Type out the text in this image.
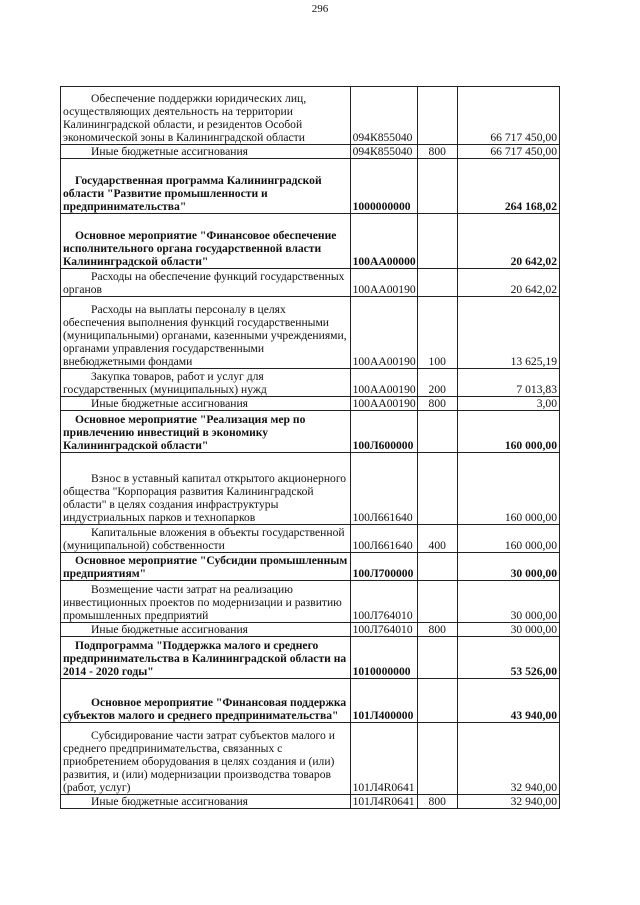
296
Обеспечение поддержки юридических лиц, осуществляющих деятельность на территории Калининградской области, и резидентов Особой экономической зоны в Калининградской области	094К855040		66 717 450,00

Иные бюджетные ассигнования	094К855040	800	66 717 450,00

Государственная программа Калининградской области "Развитие промышленности и предпринимательства"	1000000000		264 168,02

Основное мероприятие "Финансовое обеспечение исполнительного органа государственной власти Калининградской области"	100АА00000		20 642,02

Расходы на обеспечение функций государственных органов	100АА00190		20 642,02

Расходы на выплаты персоналу в целях обеспечения выполнения функций государственными (муниципальными) органами, казенными учреждениями, органами управления государственными внебюджетными фондами	100АА00190	100	13 625,19

Закупка товаров, работ и услуг для государственных (муниципальных) нужд	100АА00190	200	7 013,83

Иные бюджетные ассигнования	100АА00190	800	3,00

Основное мероприятие "Реализация мер по привлечению инвестиций в экономику Калининградской области"	100Л600000		160 000,00

Взнос в уставный капитал открытого акционерного общества "Корпорация развития Калининградской области" в целях создания инфраструктуры индустриальных парков и технопарков	100Л661640		160 000,00

Капитальные вложения в объекты государственной (муниципальной) собственности	100Л661640	400	160 000,00

Основное мероприятие "Субсидии промышленным предприятиям"	100Л700000		30 000,00

Возмещение части затрат на реализацию инвестиционных проектов по модернизации и развитию промышленных предприятий	100Л764010		30 000,00

Иные бюджетные ассигнования	100Л764010	800	30 000,00

Подпрограмма "Поддержка малого и среднего предпринимательства в Калининградской области на 2014 - 2020 годы"	1010000000		53 526,00

Основное мероприятие "Финансовая поддержка субъектов малого и среднего предпринимательства"	101Л400000		43 940,00

Субсидирование части затрат субъектов малого и среднего предпринимательства, связанных с приобретением оборудования в целях создания и (или) развития, и (или) модернизации производства товаров (работ, услуг)	101Л4R0641		32 940,00

Иные бюджетные ассигнования	101Л4R0641	800	32 940,00
